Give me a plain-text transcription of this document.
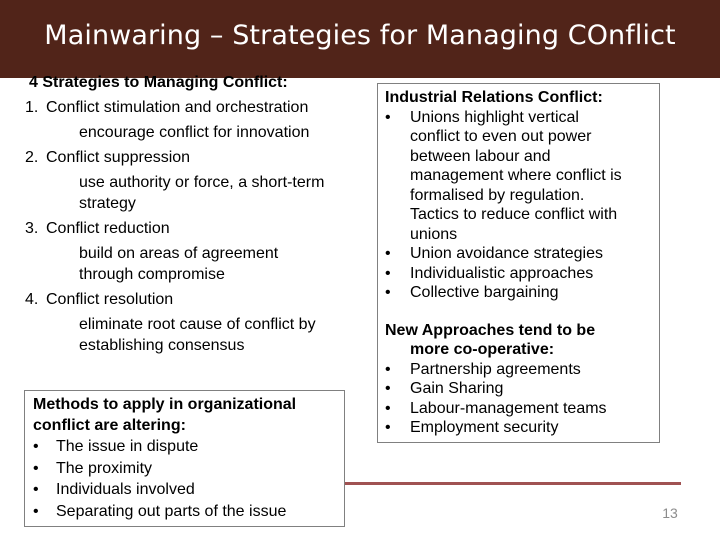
Mainwaring – Strategies for Managing COnflict
4 Strategies to Managing Conflict:
1. Conflict stimulation and orchestration
encourage conflict for innovation
2. Conflict suppression
use authority or force, a short-term
strategy
3. Conflict reduction
build on areas of agreement
through compromise
4. Conflict resolution
eliminate root cause of conflict by
establishing consensus
Industrial Relations Conflict:
•	Unions highlight vertical
conflict to even out power
between labour and
management where conflict is
formalised by regulation.
Tactics to reduce conflict with
unions
•	Union avoidance strategies
•	Individualistic approaches
•	Collective bargaining
New Approaches tend to be
more co-operative:
•	Partnership agreements
•	Gain Sharing
•	Labour-management teams
•	Employment security
Methods to apply in organizational
conflict are altering:
•	The issue in dispute
•	The proximity
•	Individuals involved
•	Separating out parts of the issue	13
